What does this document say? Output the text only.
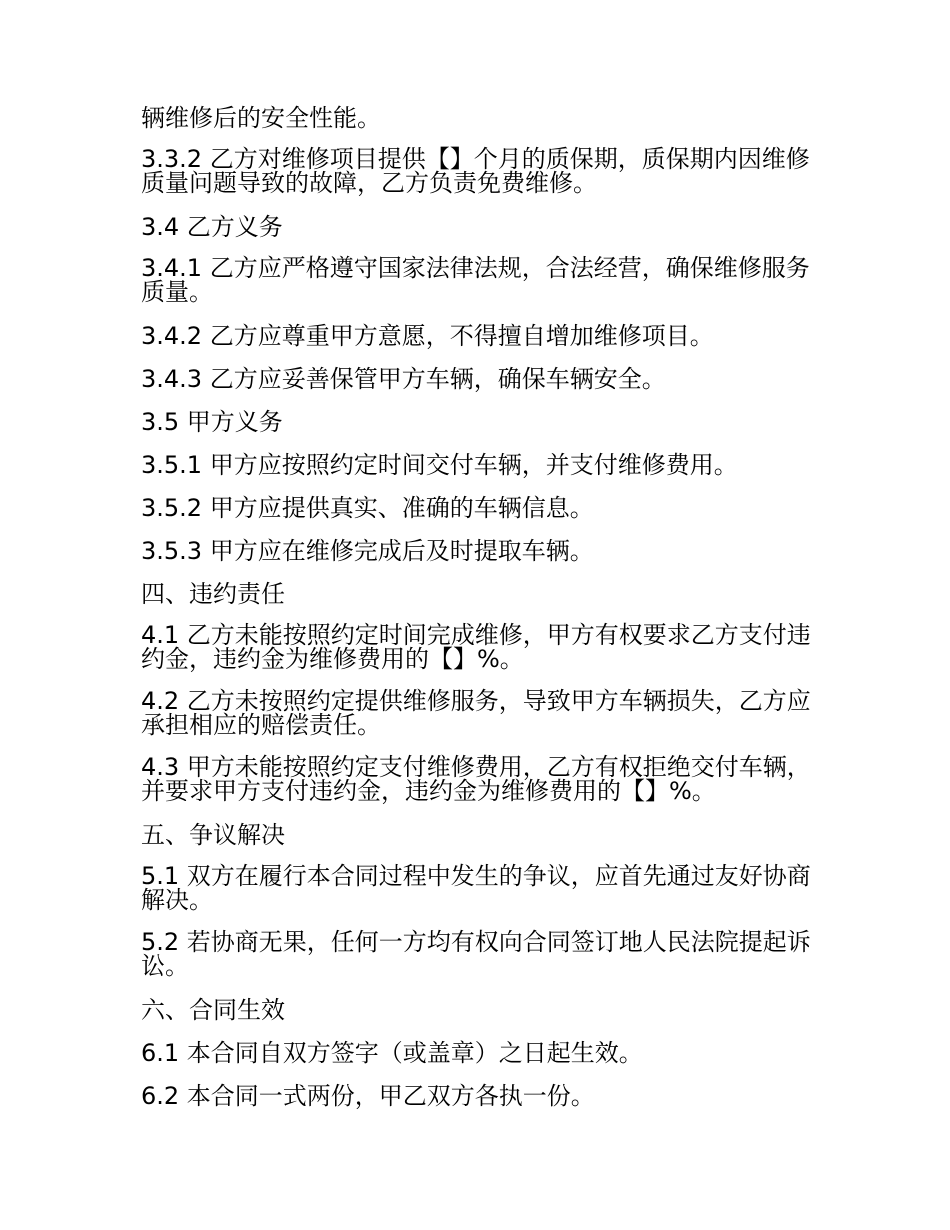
辆维修后的安全性能。

3.3.2 乙方对维修项目提供【】个月的质保期，质保期内因维修质量问题导致的故障，乙方负责免费维修。

3.4 乙方义务

3.4.1 乙方应严格遵守国家法律法规，合法经营，确保维修服务质量。

3.4.2 乙方应尊重甲方意愿，不得擅自增加维修项目。

3.4.3 乙方应妥善保管甲方车辆，确保车辆安全。

3.5 甲方义务

3.5.1 甲方应按照约定时间交付车辆，并支付维修费用。

3.5.2 甲方应提供真实、准确的车辆信息。

3.5.3 甲方应在维修完成后及时提取车辆。

四、违约责任

4.1 乙方未能按照约定时间完成维修，甲方有权要求乙方支付违约金，违约金为维修费用的【】%。

4.2 乙方未按照约定提供维修服务，导致甲方车辆损失，乙方应承担相应的赔偿责任。

4.3 甲方未能按照约定支付维修费用，乙方有权拒绝交付车辆，并要求甲方支付违约金，违约金为维修费用的【】%。

五、争议解决

5.1 双方在履行本合同过程中发生的争议，应首先通过友好协商解决。

5.2 若协商无果，任何一方均有权向合同签订地人民法院提起诉讼。

六、合同生效

6.1 本合同自双方签字（或盖章）之日起生效。

6.2 本合同一式两份，甲乙双方各执一份。
